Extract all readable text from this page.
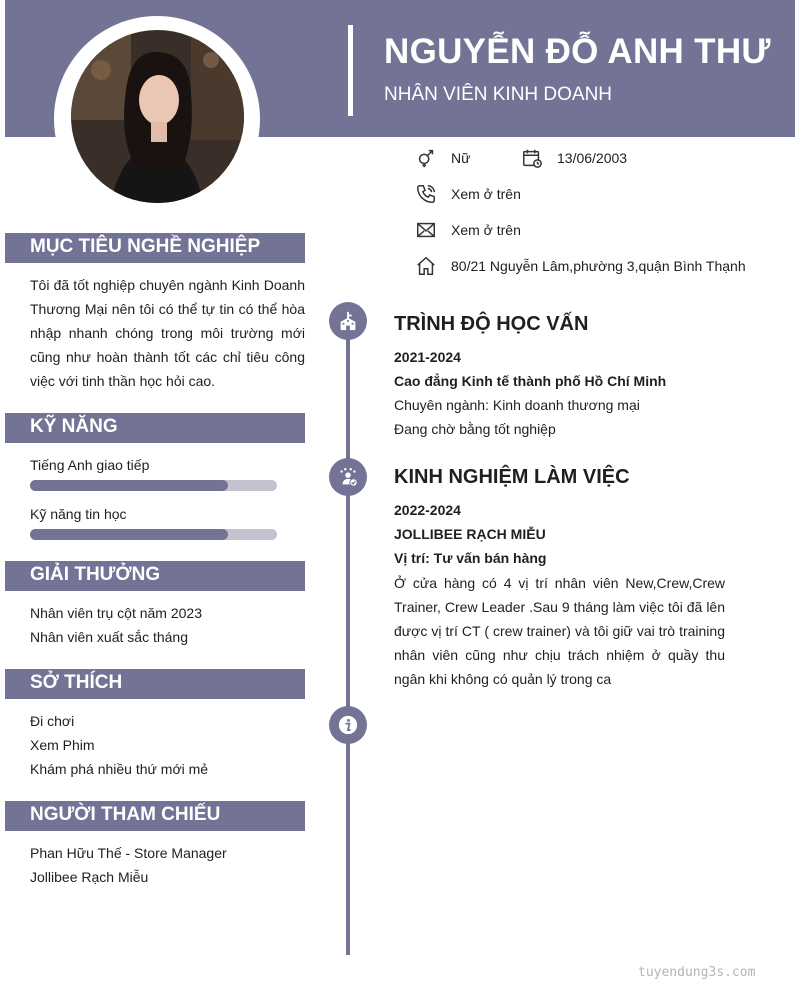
NGUYỄN ĐỖ ANH THƯ
NHÂN VIÊN KINH DOANH
Nữ	13/06/2003
Xem ở trên
Xem ở trên
80/21 Nguyễn Lâm,phường 3,quận Bình Thạnh
MỤC TIÊU NGHỀ NGHIỆP
Tôi đã tốt nghiệp chuyên ngành Kinh Doanh Thương Mại nên tôi có thể tự tin có thể hòa nhập nhanh chóng trong môi trường mới cũng như hoàn thành tốt các chỉ tiêu công việc với tinh thần học hỏi cao.
KỸ NĂNG
Tiếng Anh giao tiếp
Kỹ năng tin học
GIẢI THƯỞNG
Nhân viên trụ cột năm 2023
Nhân viên xuất sắc tháng
SỞ THÍCH
Đi chơi
Xem Phim
Khám phá nhiều thứ mới mẻ
NGƯỜI THAM CHIẾU
Phan Hữu Thế - Store Manager
Jollibee Rạch Miễu
TRÌNH ĐỘ HỌC VẤN
2021-2024
Cao đẳng Kinh tế thành phố Hồ Chí Minh
Chuyên ngành: Kinh doanh thương mại
Đang chờ bằng tốt nghiệp
KINH NGHIỆM LÀM VIỆC
2022-2024
JOLLIBEE RẠCH MIỄU
Vị trí: Tư vấn bán hàng
Ở cửa hàng có 4 vị trí nhân viên New,Crew,Crew Trainer, Crew Leader .Sau 9 tháng làm việc tôi đã lên được vị trí CT ( crew trainer) và tôi giữ vai trò training nhân viên cũng như chịu trách nhiệm ở quầy thu ngân khi không có quản lý trong ca
tuyendung3s.com
